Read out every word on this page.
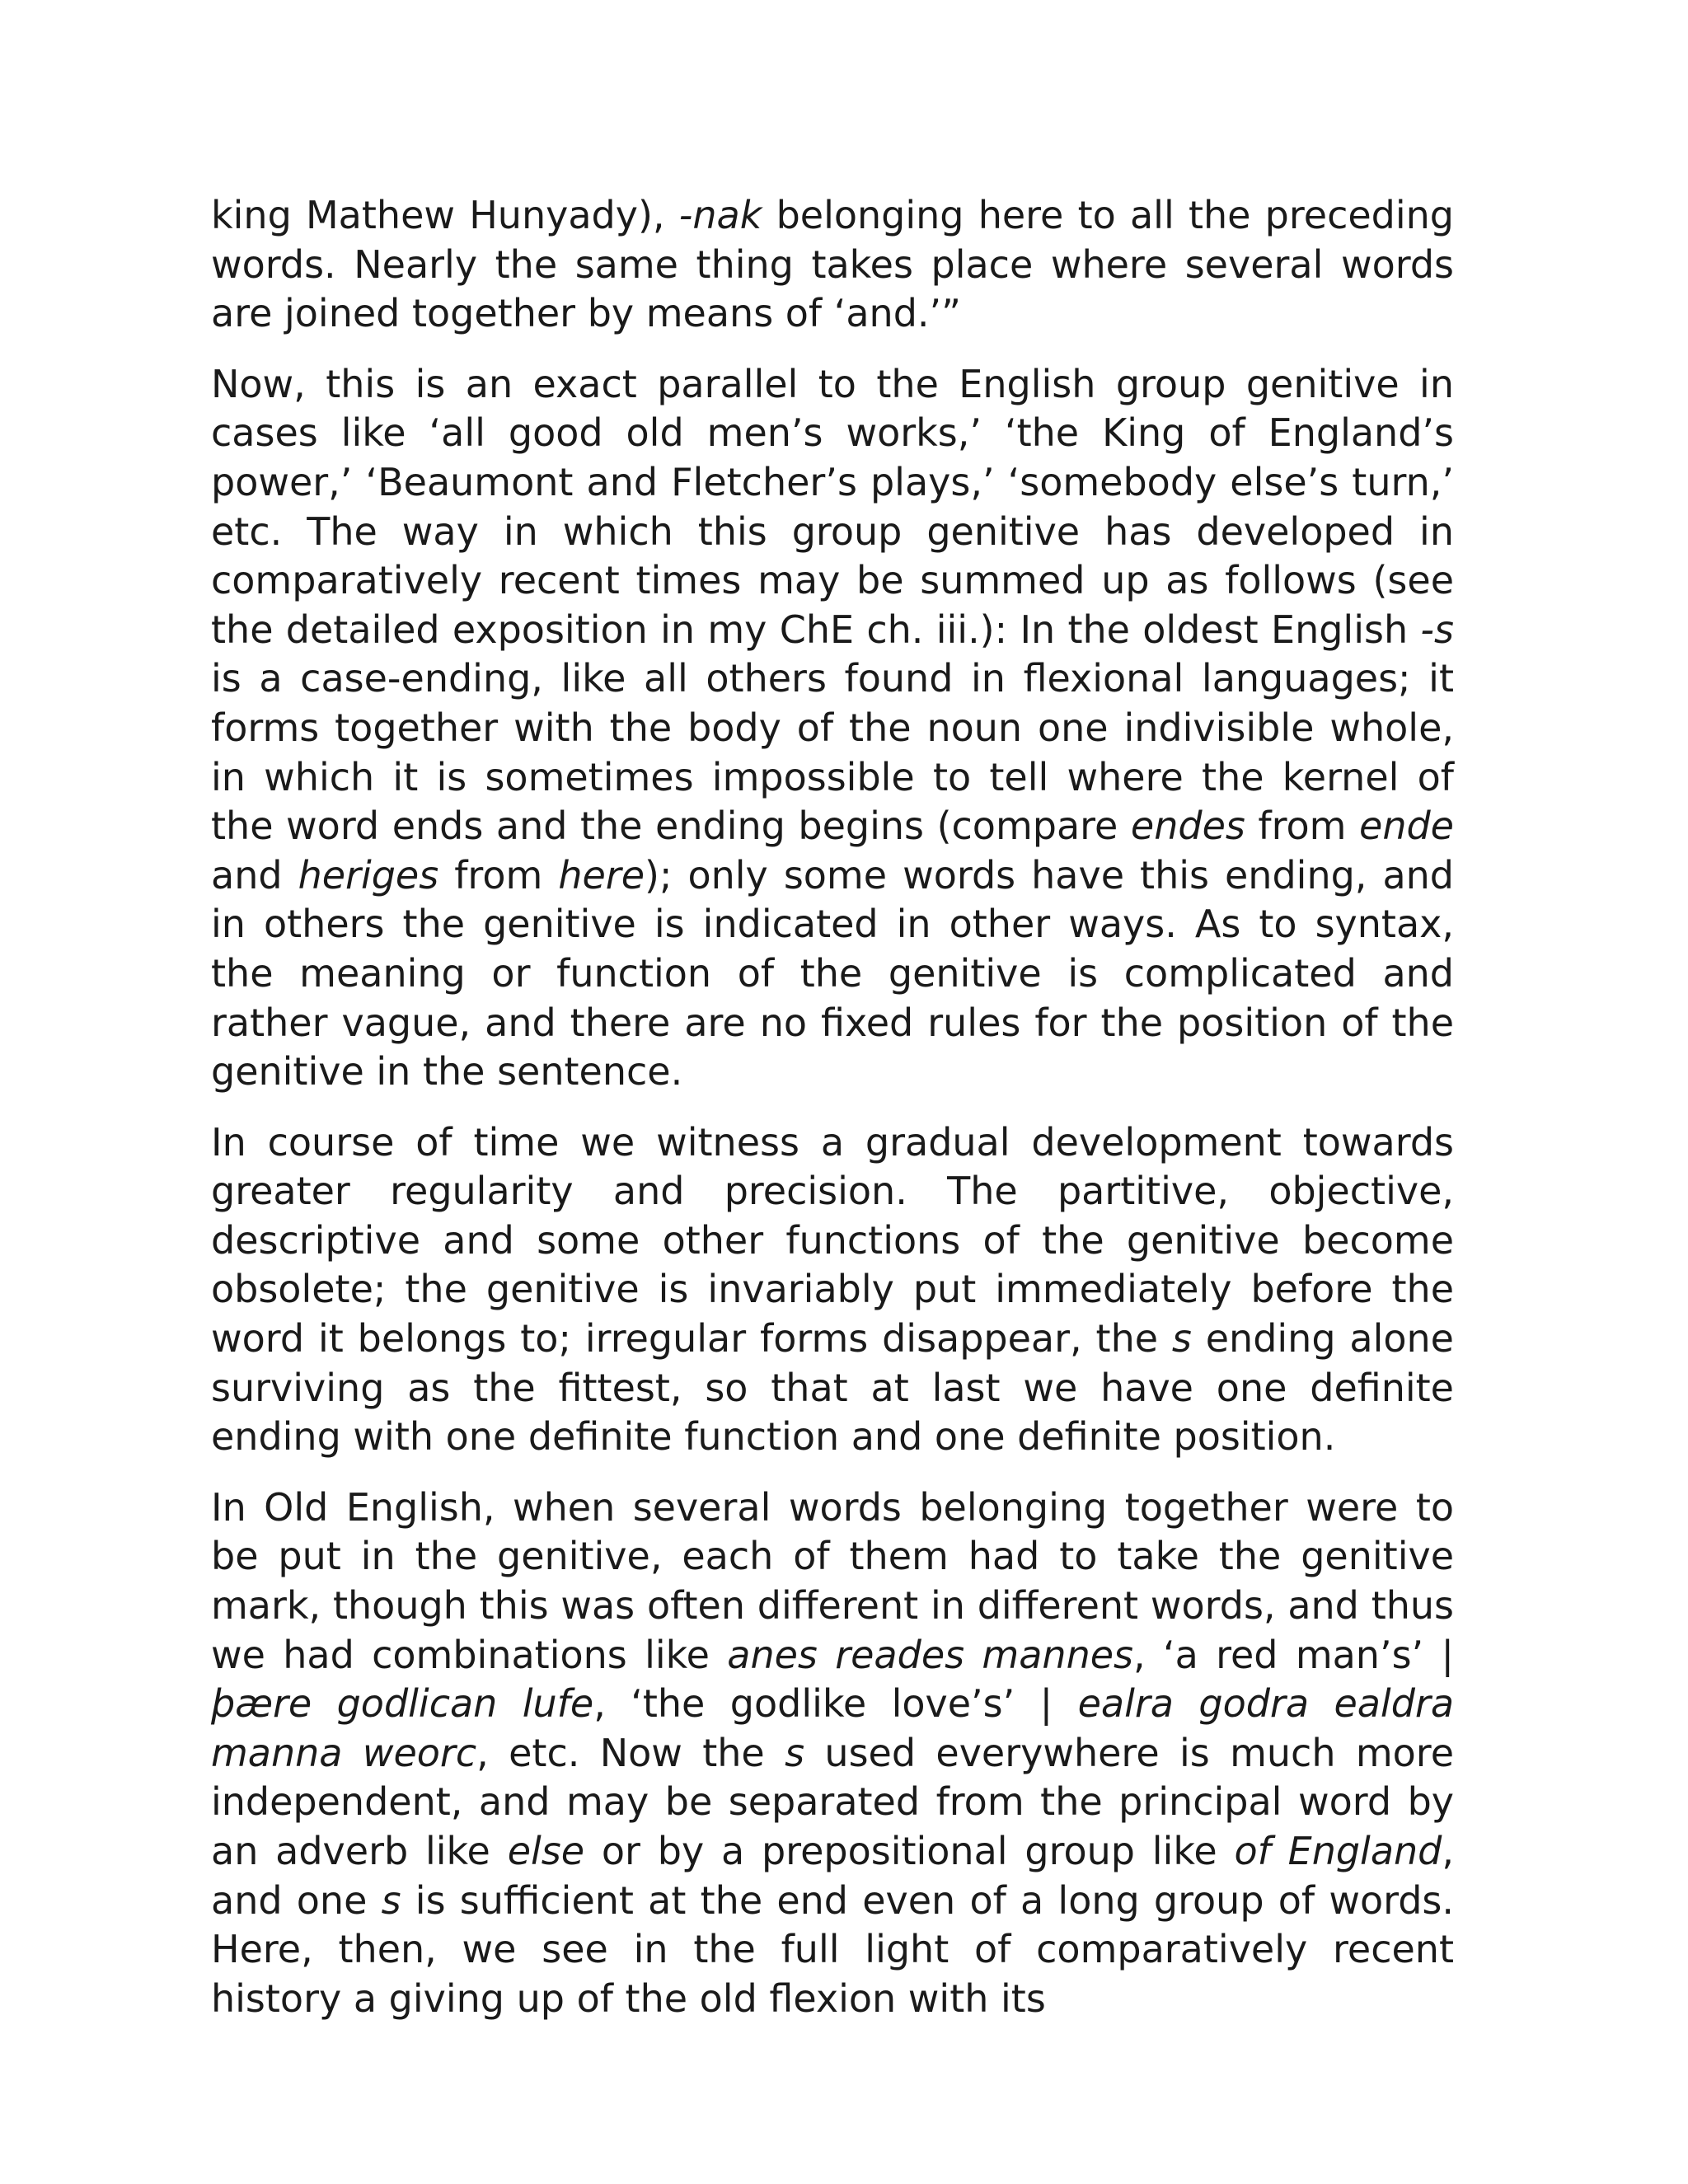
king Mathew Hunyady), -nak belonging here to all the preceding words. Nearly the same thing takes place where several words are joined together by means of ‘and.’”

Now, this is an exact parallel to the English group genitive in cases like ‘all good old men’s works,’ ‘the King of England’s power,’ ‘Beaumont and Fletcher’s plays,’ ‘somebody else’s turn,’ etc. The way in which this group genitive has developed in comparatively recent times may be summed up as follows (see the detailed exposition in my ChE ch. iii.): In the oldest English -s is a case-ending, like all others found in flexional languages; it forms together with the body of the noun one indivisible whole, in which it is sometimes impossible to tell where the kernel of the word ends and the ending begins (compare endes from ende and heriges from here); only some words have this ending, and in others the genitive is indicated in other ways. As to syntax, the meaning or function of the genitive is complicated and rather vague, and there are no fixed rules for the position of the genitive in the sentence.

In course of time we witness a gradual development towards greater regularity and precision. The partitive, objective, descriptive and some other functions of the genitive become obsolete; the genitive is invariably put immediately before the word it belongs to; irregular forms disappear, the s ending alone surviving as the fittest, so that at last we have one definite ending with one definite function and one definite position.

In Old English, when several words belonging together were to be put in the genitive, each of them had to take the genitive mark, though this was often different in different words, and thus we had combinations like anes reades mannes, ‘a red man’s’ | þære godlican lufe, ‘the godlike love’s’ | ealra godra ealdra manna weorc, etc. Now the s used everywhere is much more independent, and may be separated from the principal word by an adverb like else or by a prepositional group like of England, and one s is sufficient at the end even of a long group of words. Here, then, we see in the full light of comparatively recent history a giving up of the old flexion with its
